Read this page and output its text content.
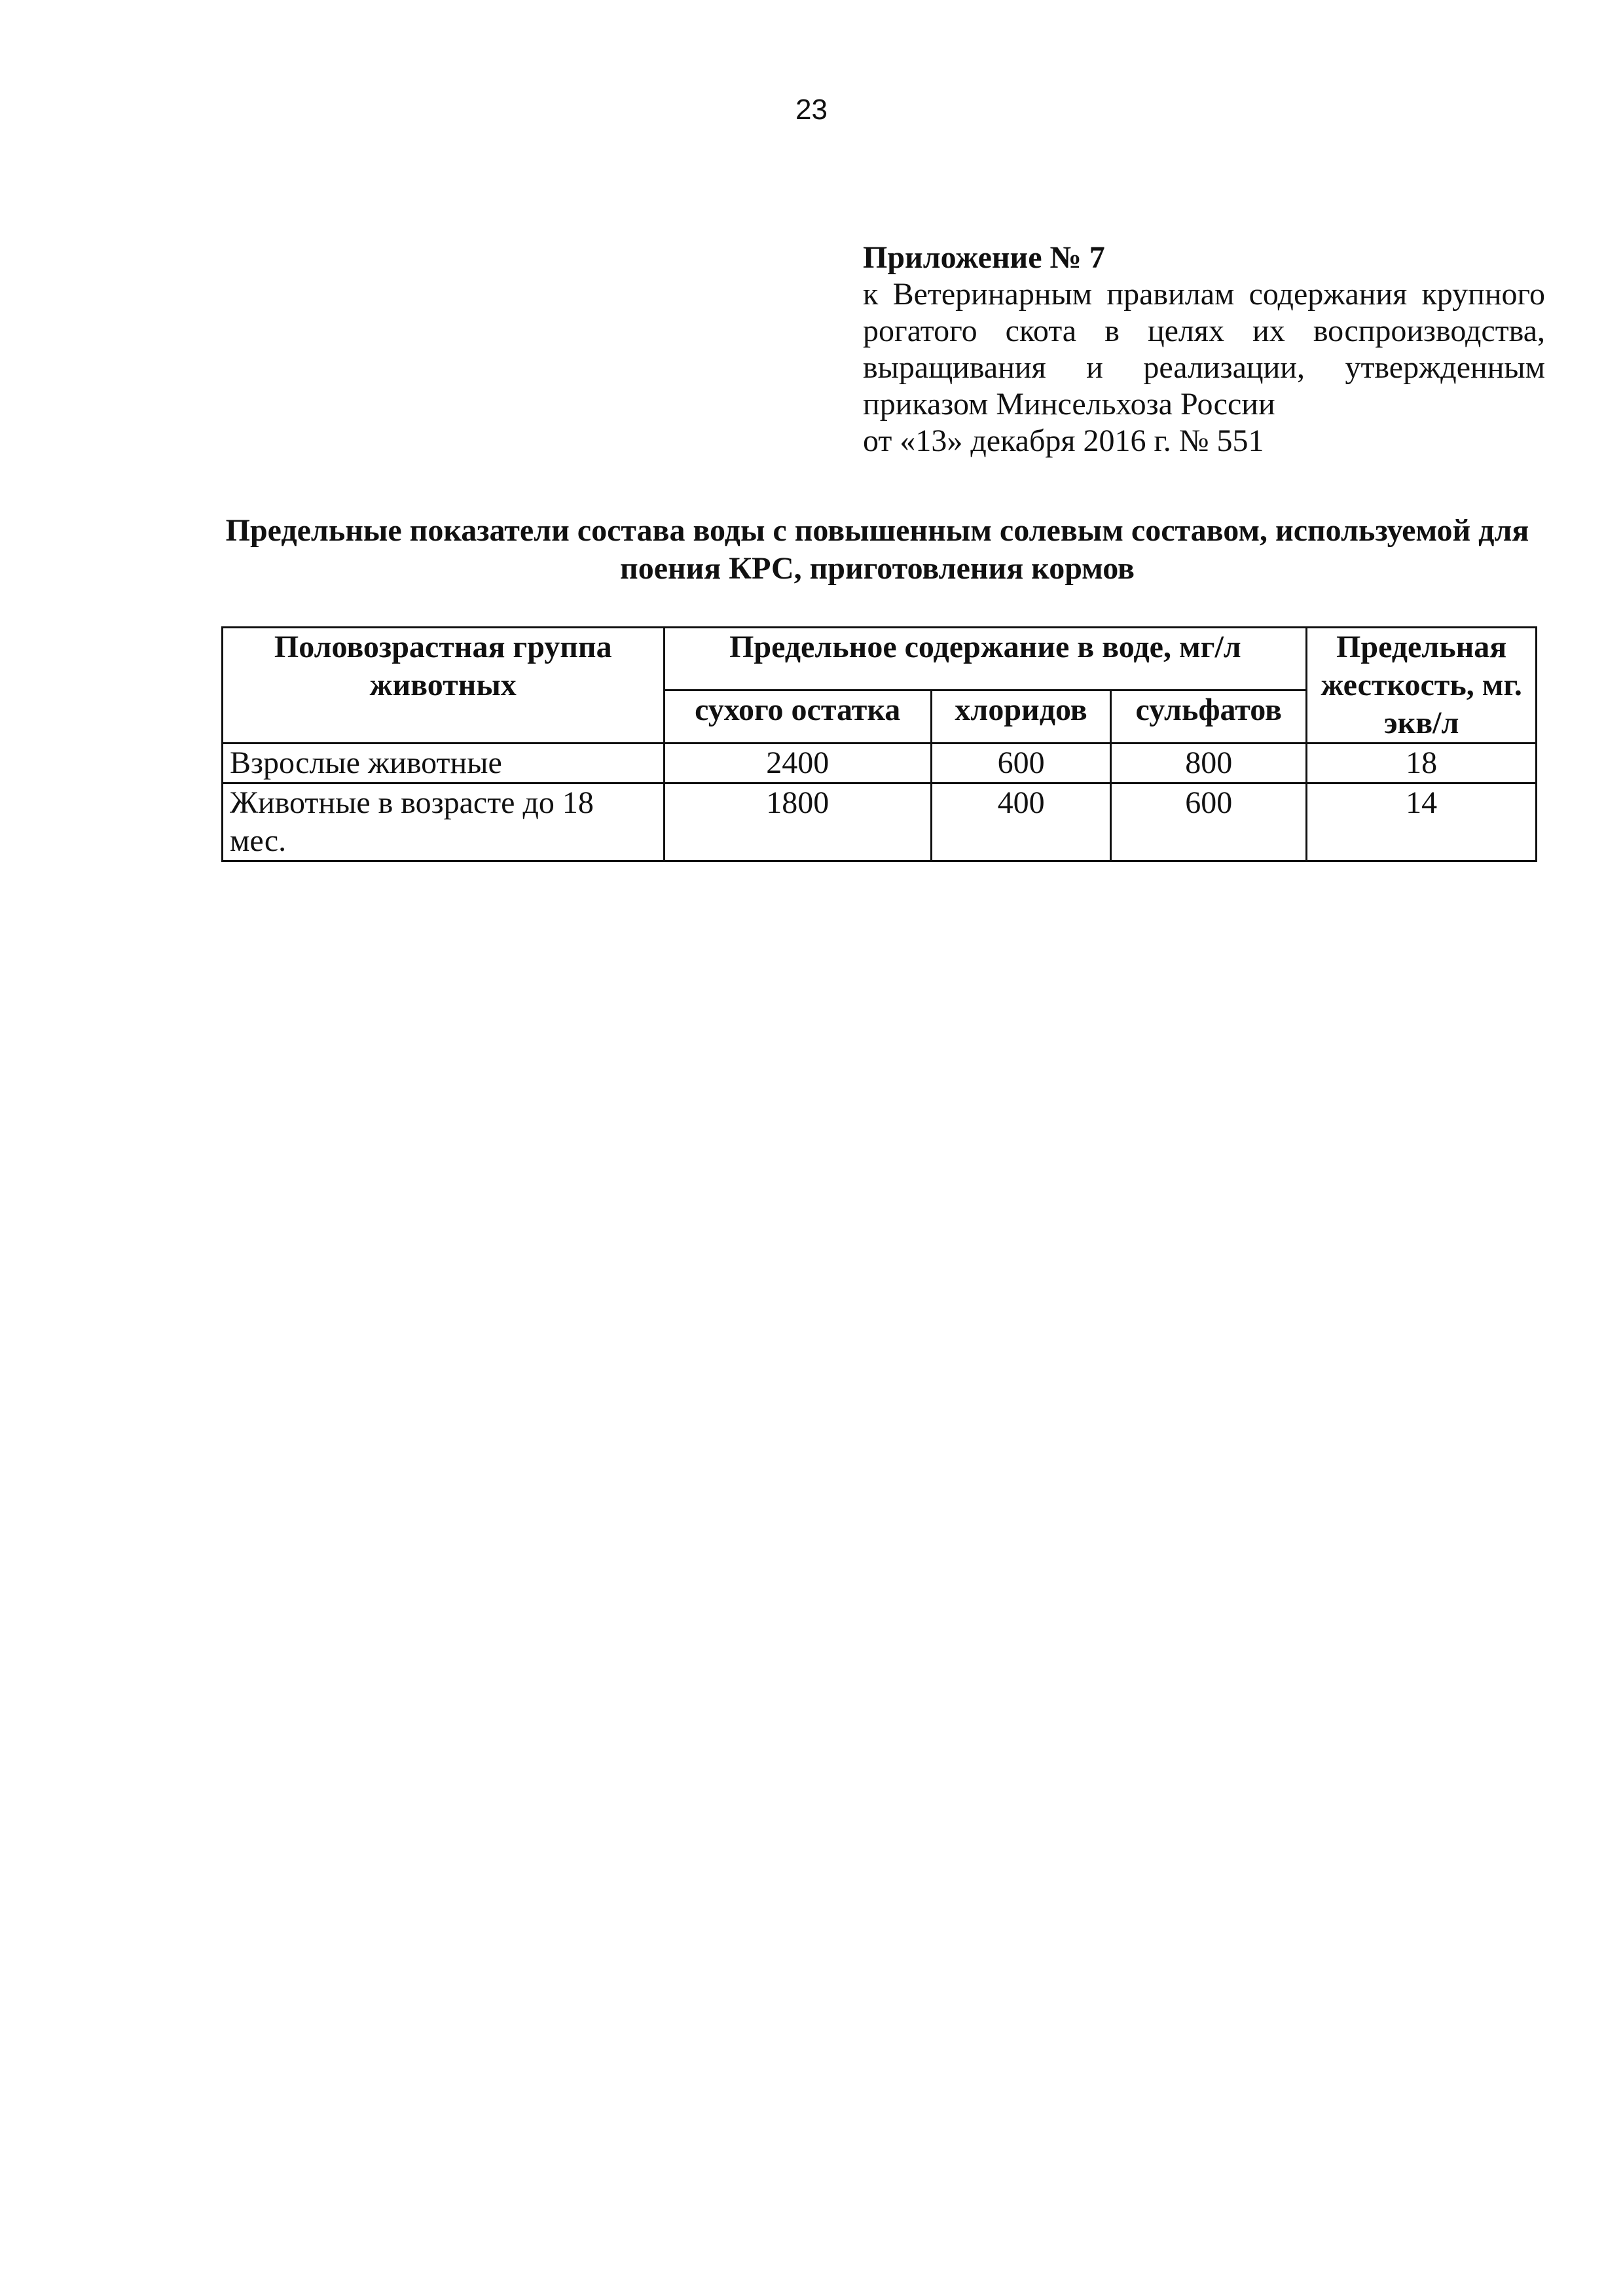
23

Приложение № 7

к Ветеринарным правилам содержания крупного рогатого скота в целях их воспроизводства, выращивания и реализации, утвержденным приказом Минсельхоза России

от «13» декабря 2016 г. № 551

Предельные показатели состава воды с повышенным солевым составом, используемой для поения КРС, приготовления кормов

Половозрастная группа животных	Предельное содержание в воде, мг/л			Предельная жесткость, мг. экв/л
	сухого остатка	хлоридов	сульфатов	
Взрослые животные	2400	600	800	18
Животные в возрасте до 18 мес.	1800	400	600	14
